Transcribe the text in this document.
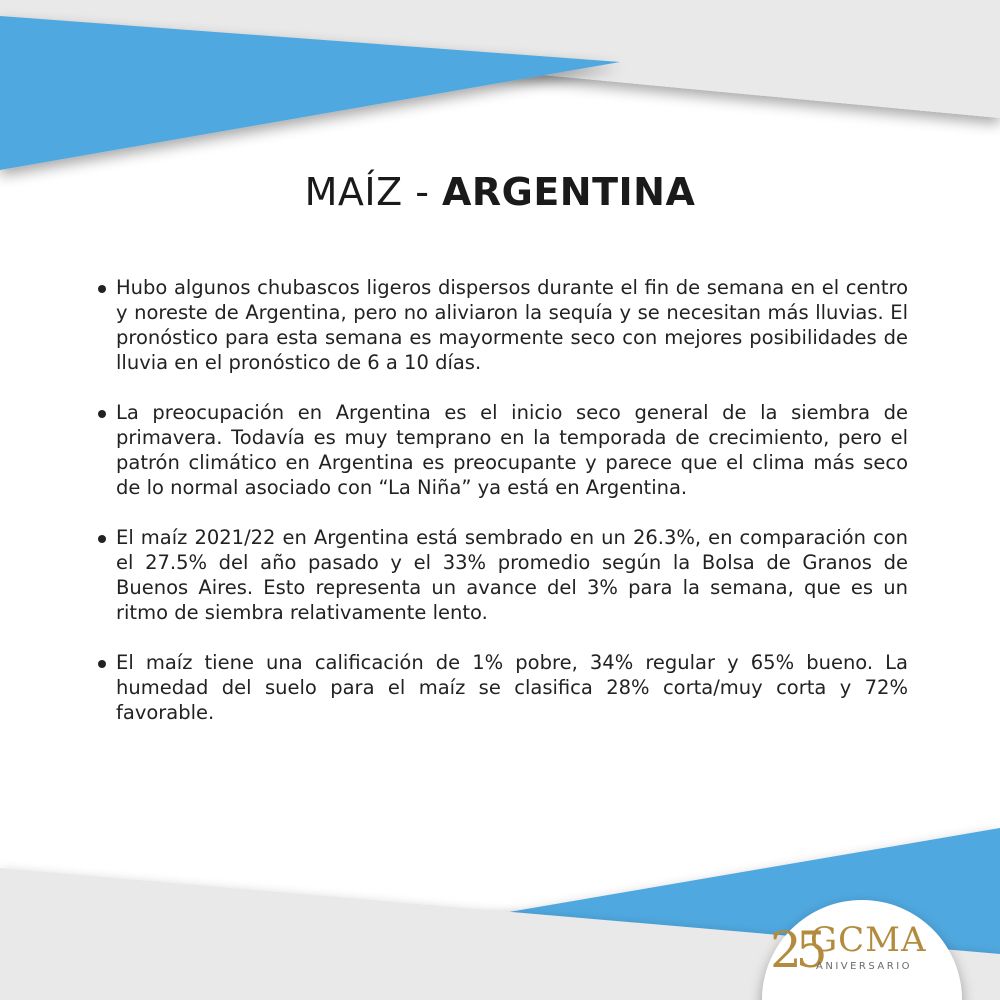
MAÍZ - ARGENTINA
Hubo algunos chubascos ligeros dispersos durante el fin de semana en el centro y noreste de Argentina, pero no aliviaron la sequía y se necesitan más lluvias. El pronóstico para esta semana es mayormente seco con mejores posibilidades de lluvia en el pronóstico de 6 a 10 días.
La preocupación en Argentina es el inicio seco general de la siembra de primavera. Todavía es muy temprano en la temporada de crecimiento, pero el patrón climático en Argentina es preocupante y parece que el clima más seco de lo normal asociado con “La Niña” ya está en Argentina.
El maíz 2021/22 en Argentina está sembrado en un 26.3%, en comparación con el 27.5% del año pasado y el 33% promedio según la Bolsa de Granos de Buenos Aires. Esto representa un avance del 3% para la semana, que es un ritmo de siembra relativamente lento.
El maíz tiene una calificación de 1% pobre, 34% regular y 65% bueno. La humedad del suelo para el maíz se clasifica 28% corta/muy corta y 72% favorable.
25
GCMA
ANIVERSARIO
